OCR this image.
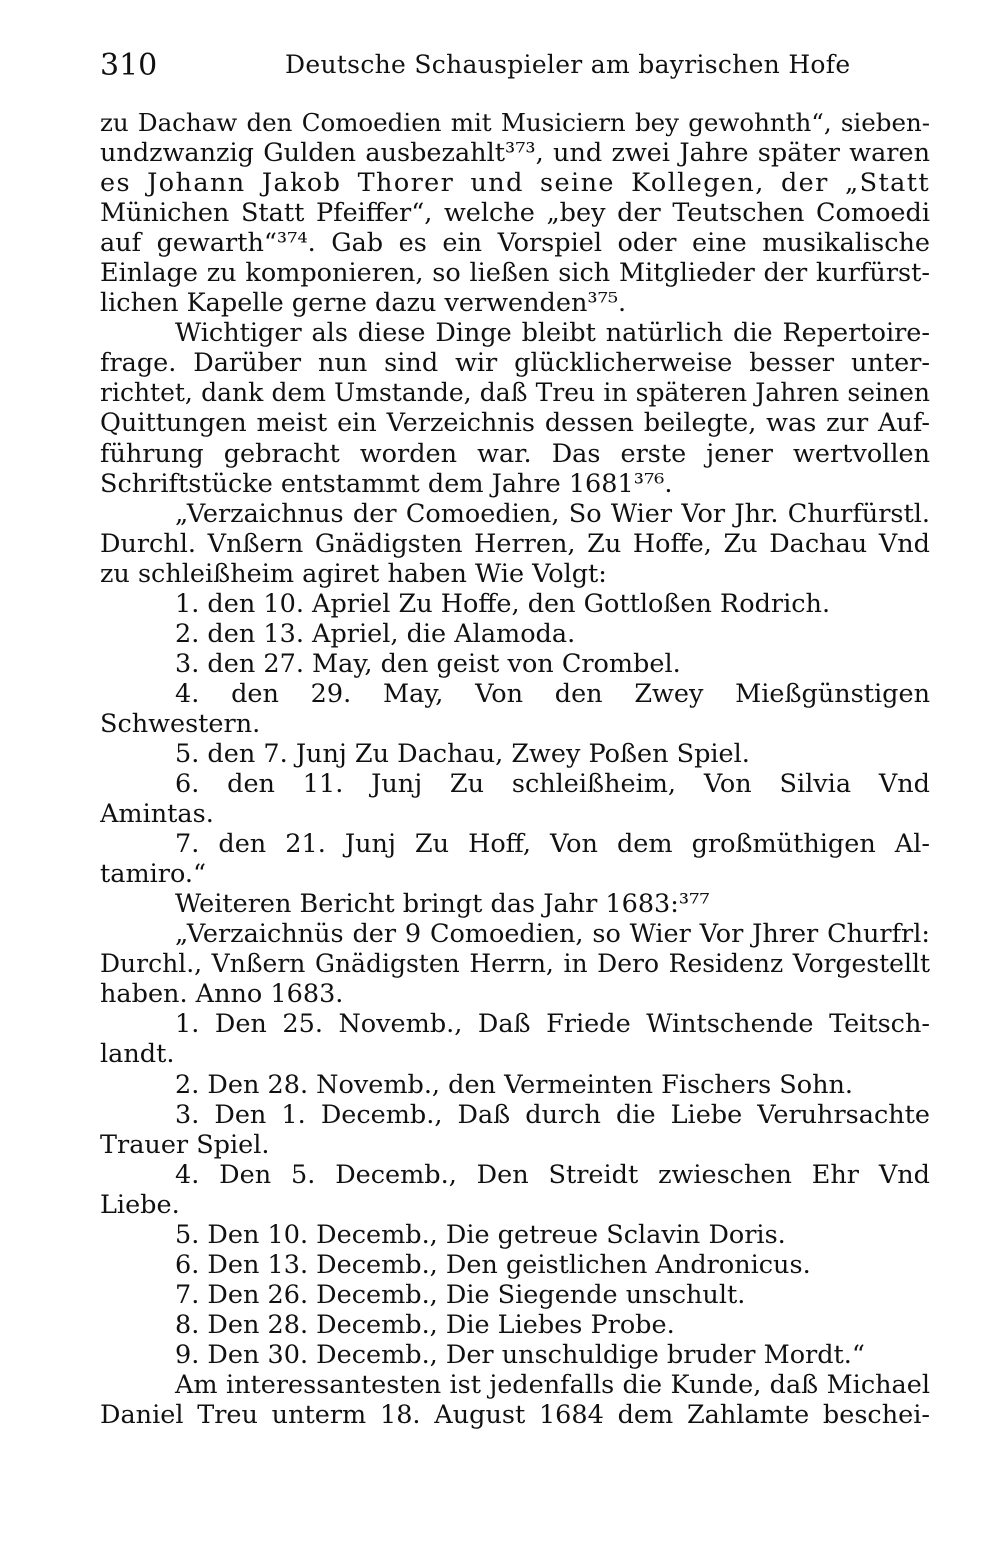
310	Deutsche Schauspieler am bayrischen Hofe
zu Dachaw den Comoedien mit Musiciern bey gewohnth“, sieben-
undzwanzig Gulden ausbezahlt³⁷³, und zwei Jahre später waren
es Johann Jakob Thorer und seine Kollegen, der „Statt
Münichen Statt Pfeiffer“, welche „bey der Teutschen Comoedi
auf gewarth“³⁷⁴. Gab es ein Vorspiel oder eine musikalische
Einlage zu komponieren, so ließen sich Mitglieder der kurfürst-
lichen Kapelle gerne dazu verwenden³⁷⁵.
Wichtiger als diese Dinge bleibt natürlich die Repertoire-
frage. Darüber nun sind wir glücklicherweise besser unter-
richtet, dank dem Umstande, daß Treu in späteren Jahren seinen
Quittungen meist ein Verzeichnis dessen beilegte, was zur Auf-
führung gebracht worden war. Das erste jener wertvollen
Schriftstücke entstammt dem Jahre 1681³⁷⁶.
„Verzaichnus der Comoedien, So Wier Vor Jhr. Churfürstl.
Durchl. Vnßern Gnädigsten Herren, Zu Hoffe, Zu Dachau Vnd
zu schleißheim agiret haben Wie Volgt:
1. den 10. Apriel Zu Hoffe, den Gottloßen Rodrich.
2. den 13. Apriel, die Alamoda.
3. den 27. May, den geist von Crombel.
4. den 29. May, Von den Zwey Mießgünstigen
Schwestern.
5. den 7. Junj Zu Dachau, Zwey Poßen Spiel.
6. den 11. Junj Zu schleißheim, Von Silvia Vnd
Amintas.
7. den 21. Junj Zu Hoff, Von dem großmüthigen Al-
tamiro.“
Weiteren Bericht bringt das Jahr 1683:³⁷⁷
„Verzaichnüs der 9 Comoedien, so Wier Vor Jhrer Churfrl:
Durchl., Vnßern Gnädigsten Herrn, in Dero Residenz Vorgestellt
haben. Anno 1683.
1. Den 25. Novemb., Daß Friede Wintschende Teitsch-
landt.
2. Den 28. Novemb., den Vermeinten Fischers Sohn.
3. Den 1. Decemb., Daß durch die Liebe Veruhrsachte
Trauer Spiel.
4. Den 5. Decemb., Den Streidt zwieschen Ehr Vnd
Liebe.
5. Den 10. Decemb., Die getreue Sclavin Doris.
6. Den 13. Decemb., Den geistlichen Andronicus.
7. Den 26. Decemb., Die Siegende unschult.
8. Den 28. Decemb., Die Liebes Probe.
9. Den 30. Decemb., Der unschuldige bruder Mordt.“
Am interessantesten ist jedenfalls die Kunde, daß Michael
Daniel Treu unterm 18. August 1684 dem Zahlamte beschei-
